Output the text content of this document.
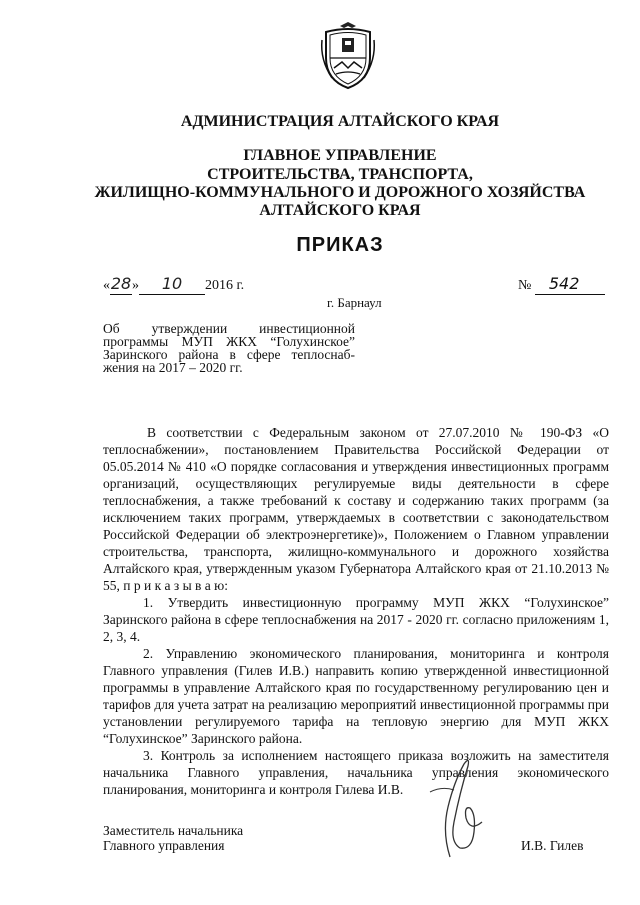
АДМИНИСТРАЦИЯ АЛТАЙСКОГО КРАЯ
ГЛАВНОЕ УПРАВЛЕНИЕ
СТРОИТЕЛЬСТВА, ТРАНСПОРТА,
ЖИЛИЩНО-КОММУНАЛЬНОГО И ДОРОЖНОГО ХОЗЯЙСТВА
АЛТАЙСКОГО КРАЯ
ПРИКАЗ
«28» 10 2016 г.	№ 542
г. Барнаул
Об утверждении инвестиционной программы МУП ЖКХ “Голухинское” Заринского района в сфере теплоснаб-жения на 2017 – 2020 гг.

В соответствии с Федеральным законом от 27.07.2010 № 190-ФЗ «О теплоснабжении», постановлением Правительства Российской Федерации от 05.05.2014 № 410 «О порядке согласования и утверждения инвестиционных программ организаций, осуществляющих регулируемые виды деятельности в сфере теплоснабжения, а также требований к составу и содержанию таких программ (за исключением таких программ, утверждаемых в соответствии с законодательством Российской Федерации об электроэнергетике)», Положением о Главном управлении строительства, транспорта, жилищно-коммунального и дорожного хозяйства Алтайского края, утвержденным указом Губернатора Алтайского края от 21.10.2013 № 55, п р и к а з ы в а ю:

1. Утвердить инвестиционную программу МУП ЖКХ “Голухинское” Заринского района в сфере теплоснабжения на 2017 - 2020 гг. согласно приложениям 1, 2, 3, 4.

2. Управлению экономического планирования, мониторинга и контроля Главного управления (Гилев И.В.) направить копию утвержденной инвестиционной программы в управление Алтайского края по государственному регулированию цен и тарифов для учета затрат на реализацию мероприятий инвестиционной программы при установлении регулируемого тарифа на тепловую энергию для МУП ЖКХ “Голухинское” Заринского района.

3. Контроль за исполнением настоящего приказа возложить на заместителя начальника Главного управления, начальника управления экономического планирования, мониторинга и контроля Гилева И.В.

Заместитель начальника
Главного управления	И.В. Гилев
